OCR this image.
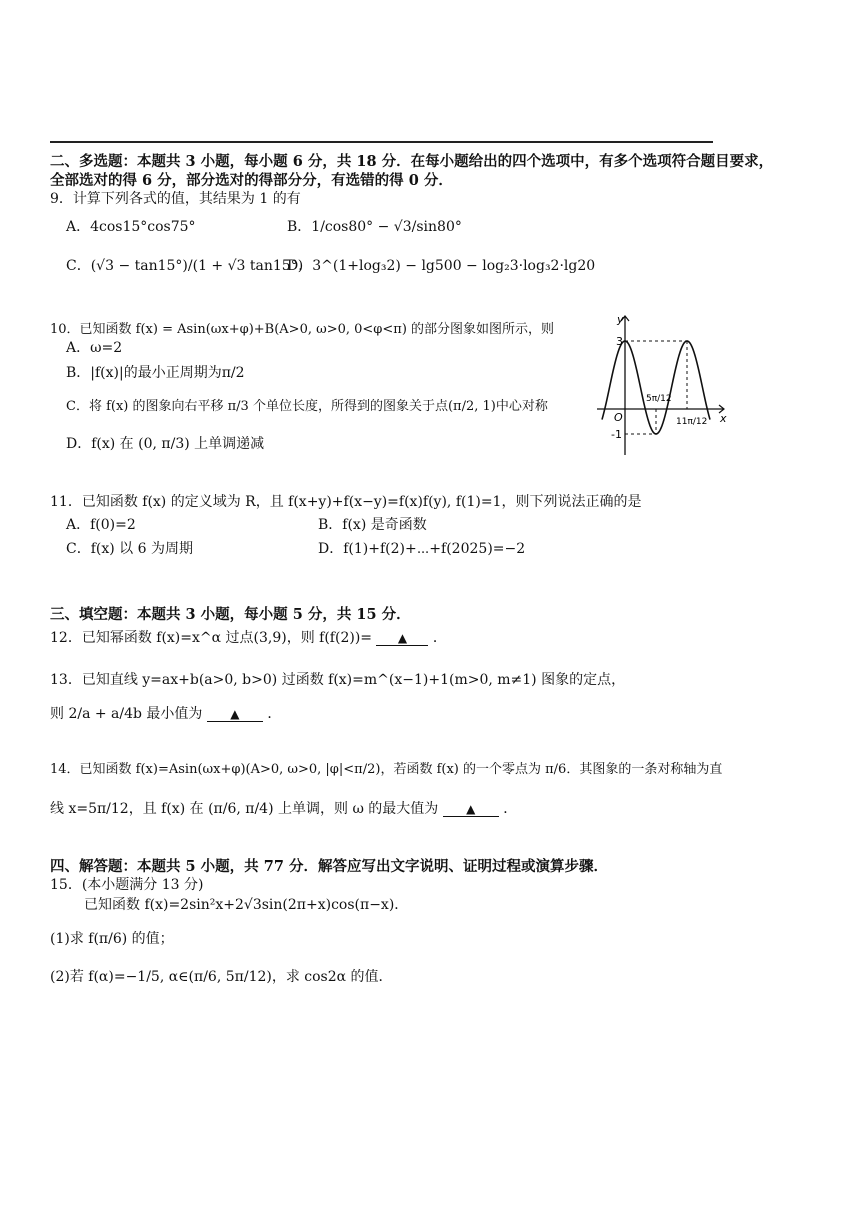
二、多选题：本题共 3 小题，每小题 6 分，共 18 分．在每小题给出的四个选项中，有多个选项符合题目要求，
全部选对的得 6 分，部分选对的得部分分，有选错的得 0 分．
9．计算下列各式的值，其结果为 1 的有
A．4cos15°cos75°	B．1/cos80° − √3/sin80°
C．(√3 − tan15°)/(1 + √3 tan15°)
D．3^(1+log₃2) − lg500 − log₂3·log₃2·lg20
10．已知函数 f(x) = Asin(ωx+φ)+B(A>0, ω>0, 0<φ<π) 的部分图象如图所示，则
A．ω=2
B．|f(x)|的最小正周期为π/2
C．将 f(x) 的图象向右平移 π/3 个单位长度，所得到的图象关于点(π/2, 1)中心对称
D．f(x) 在 (0, π/3) 上单调递减
y
x
O
3
-1
5π/12
11π/12
11．已知函数 f(x) 的定义域为 R，且 f(x+y)+f(x−y)=f(x)f(y), f(1)=1，则下列说法正确的是
A．f(0)=2	B．f(x) 是奇函数
C．f(x) 以 6 为周期	D．f(1)+f(2)+⋯+f(2025)=−2
三、填空题：本题共 3 小题，每小题 5 分，共 15 分．
12．已知幂函数 f(x)=x^α 过点(3,9)，则 f(f(2))= ▲ ．
13．已知直线 y=ax+b(a>0, b>0) 过函数 f(x)=m^(x−1)+1(m>0, m≠1) 图象的定点，
则 2/a + a/4b 最小值为 ▲ ．
14．已知函数 f(x)=Asin(ωx+φ)(A>0, ω>0, |φ|<π/2)，若函数 f(x) 的一个零点为 π/6．其图象的一条对称轴为直
线 x=5π/12，且 f(x) 在 (π/6, π/4) 上单调，则 ω 的最大值为 ▲ ．
四、解答题：本题共 5 小题，共 77 分．解答应写出文字说明、证明过程或演算步骤．
15．(本小题满分 13 分)
已知函数 f(x)=2sin²x+2√3sin(2π+x)cos(π−x)．
(1)求 f(π/6) 的值；
(2)若 f(α)=−1/5, α∈(π/6, 5π/12)，求 cos2α 的值．
